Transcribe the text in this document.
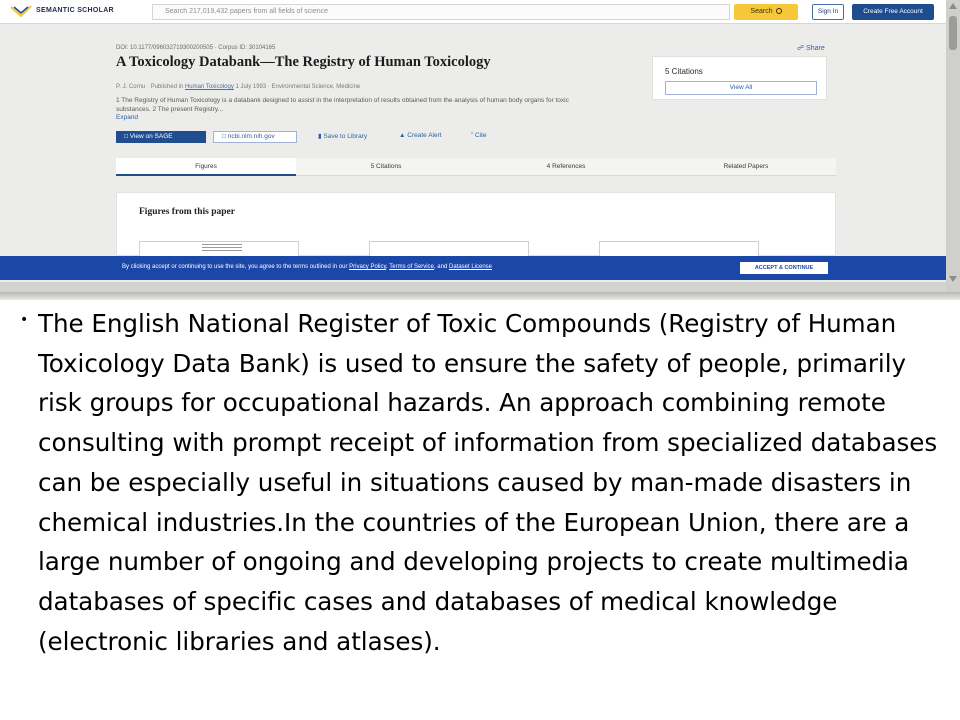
SEMANTIC SCHOLAR	Search 217,019,432 papers from all fields of science	Search	Sign In	Create Free Account
DOI: 10.1177/096032719300200505 · Corpus ID: 30104165
A Toxicology Databank—The Registry of Human Toxicology
P. J. Cornu · Published in Human Toxicology 1 July 1993 · Environmental Science, Medicine
1 The Registry of Human Toxicology is a databank designed to assist in the interpretation of results obtained from the analysis of human body organs for toxic substances. 2 The present Registry...
Expand
☍ Share
5 Citations
View All
□ View on SAGE	□ ncbi.nlm.nih.gov	▮ Save to Library	▲ Create Alert	” Cite
Figures	5 Citations	4 References	Related Papers
Figures from this paper
By clicking accept or continuing to use the site, you agree to the terms outlined in our Privacy Policy, Terms of Service, and Dataset License	ACCEPT & CONTINUE
• The English National Register of Toxic Compounds (Registry of Human Toxicology Data Bank) is used to ensure the safety of people, primarily risk groups for occupational hazards. An approach combining remote consulting with prompt receipt of information from specialized databases can be especially useful in situations caused by man-made disasters in chemical industries.In the countries of the European Union, there are a large number of ongoing and developing projects to create multimedia databases of specific cases and databases of medical knowledge (electronic libraries and atlases).
